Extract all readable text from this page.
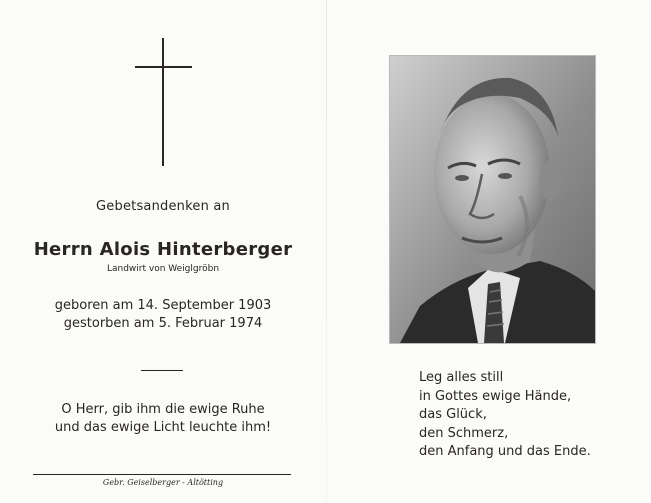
Gebetsandenken an
Herrn Alois Hinterberger
Landwirt von Weiglgröbn
geboren am 14. September 1903
gestorben am 5. Februar 1974
O Herr, gib ihm die ewige Ruhe
und das ewige Licht leuchte ihm!
Gebr. Geiselberger - Altötting
Leg alles still
in Gottes ewige Hände,
das Glück,
den Schmerz,
den Anfang und das Ende.
